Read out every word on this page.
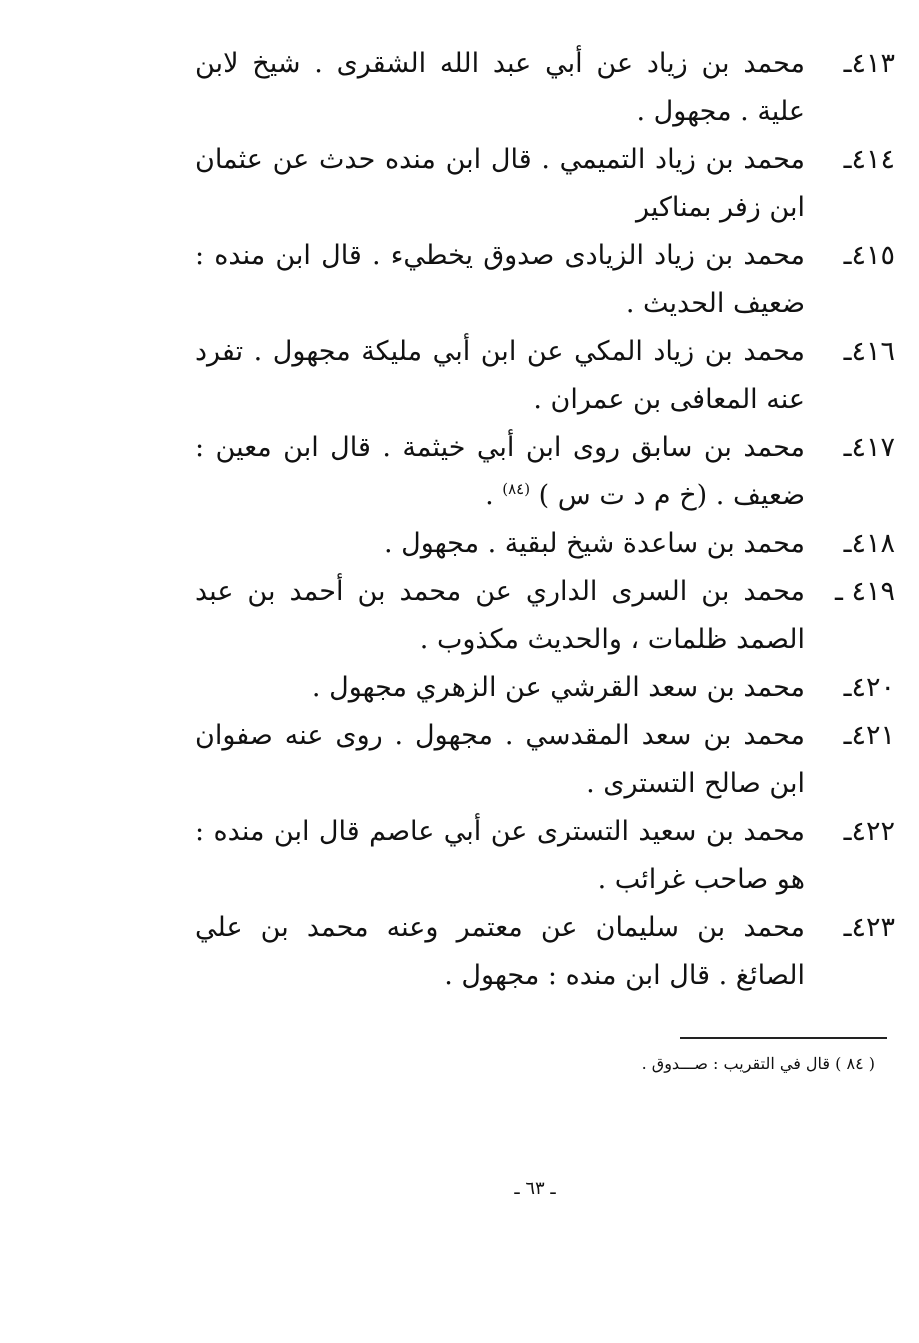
٤١٣ـ
محمد بن زياد عن أبي عبد الله الشقرى . شيخ لابن علية . مجهول .
٤١٤ـ
محمد بن زياد التميمي . قال ابن منده حدث عن عثمان ابن زفر بمناكير
٤١٥ـ
محمد بن زياد الزيادى صدوق يخطيء . قال ابن منده : ضعيف الحديث .
٤١٦ـ
محمد بن زياد المكي عن ابن أبي مليكة مجهول . تفرد عنه المعافى بن عمران .
٤١٧ـ
محمد بن سابق روى ابن أبي خيثمة . قال ابن معين : ضعيف . (خ م د ت س ) $^{(٨٤)}$ .
٤١٨ـ
محمد بن ساعدة شيخ لبقية . مجهول .
٤١٩ ـ
محمد بن السرى الداري عن محمد بن أحمد بن عبد الصمد ظلمات ، والحديث مكذوب .
٤٢٠ـ
محمد بن سعد القرشي عن الزهري مجهول .
٤٢١ـ
محمد بن سعد المقدسي . مجهول . روى عنه صفوان ابن صالح التسترى .
٤٢٢ـ
محمد بن سعيد التسترى عن أبي عاصم قال ابن منده : هو صاحب غرائب .
٤٢٣ـ
محمد بن سليمان عن معتمر وعنه محمد بن علي الصائغ . قال ابن منده : مجهول .
( ٨٤ ) قال في التقريب : صـــدوق .
ـ ٦٣ ـ
